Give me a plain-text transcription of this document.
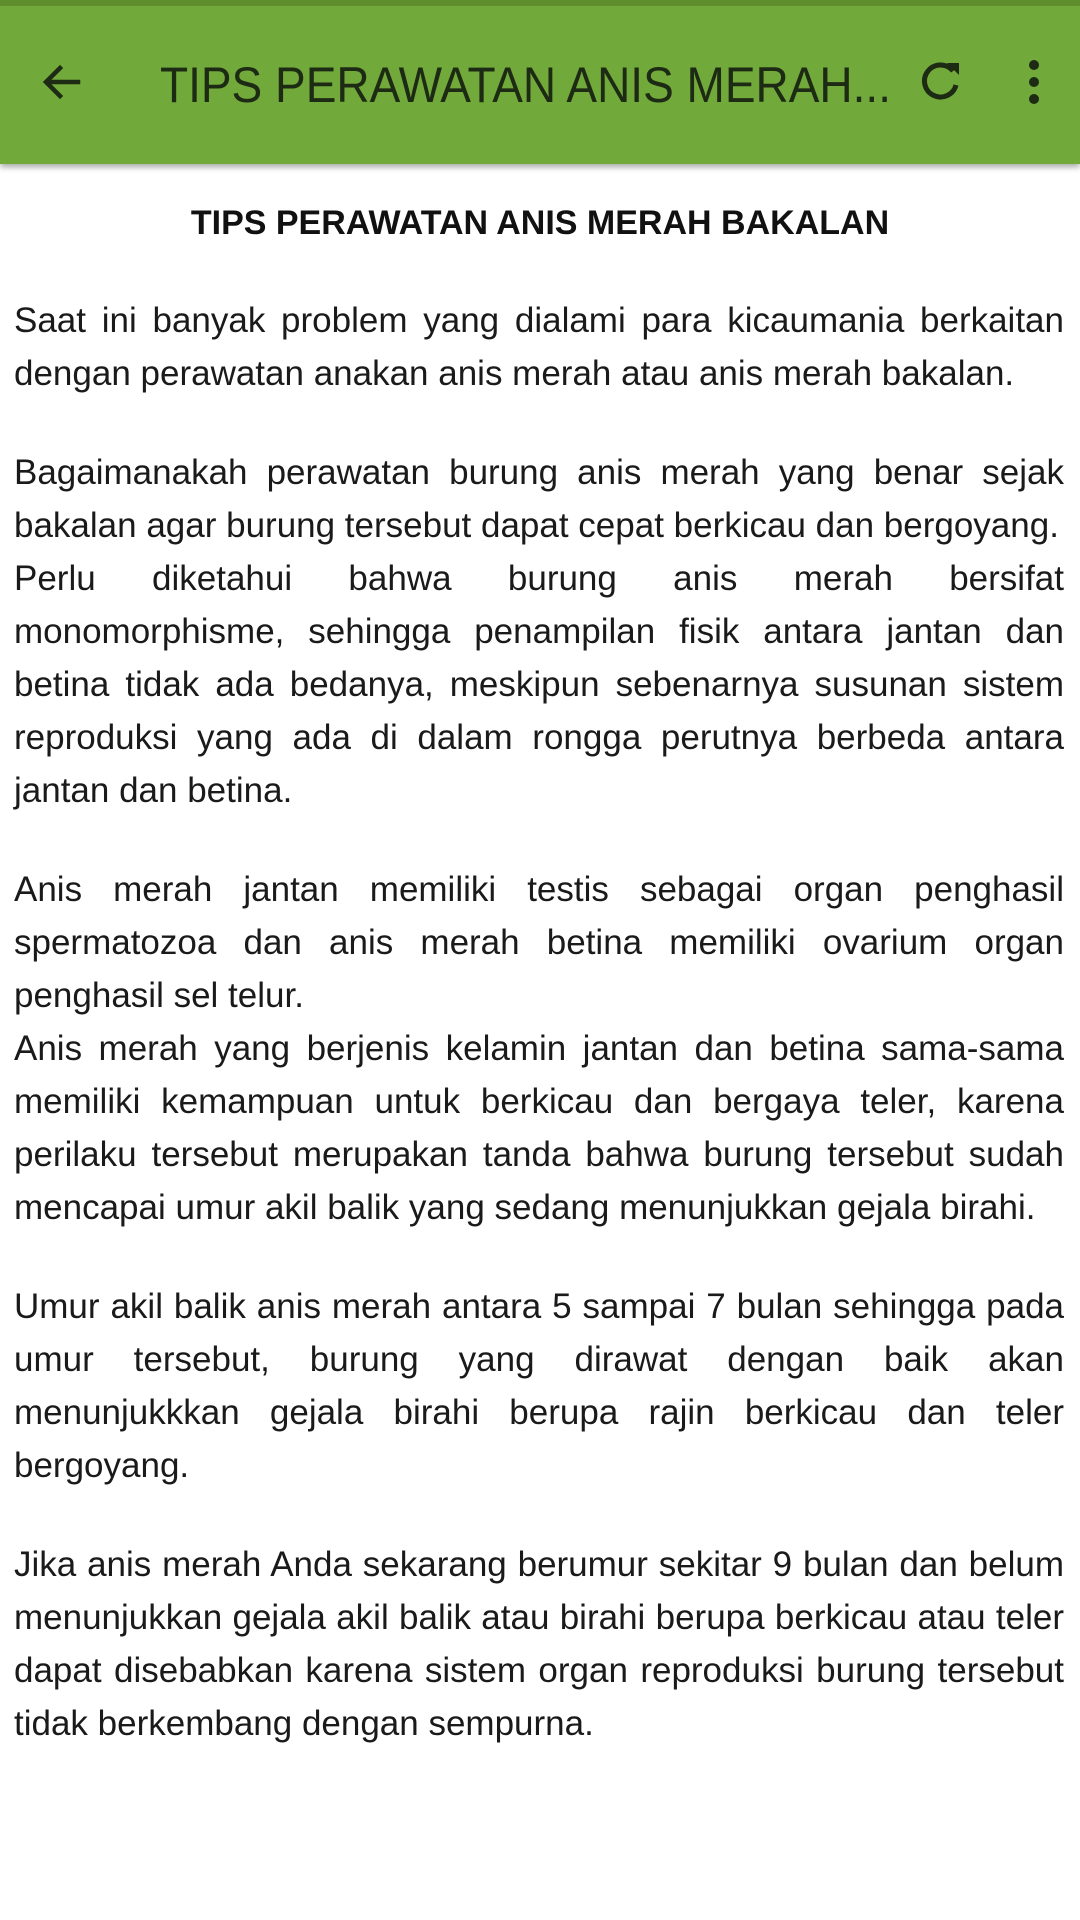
TIPS PERAWATAN ANIS MERAH...
TIPS PERAWATAN ANIS MERAH BAKALAN

Saat ini banyak problem yang dialami para kicaumania berkaitan dengan perawatan anakan anis merah atau anis merah bakalan.

Bagaimanakah perawatan burung anis merah yang benar sejak bakalan agar burung tersebut dapat cepat berkicau dan bergoyang.

Perlu diketahui bahwa burung anis merah bersifat monomorphisme, sehingga penampilan fisik antara jantan dan betina tidak ada bedanya, meskipun sebenarnya susunan sistem reproduksi yang ada di dalam rongga perutnya berbeda antara jantan dan betina.

Anis merah jantan memiliki testis sebagai organ penghasil spermatozoa dan anis merah betina memiliki ovarium organ penghasil sel telur.

Anis merah yang berjenis kelamin jantan dan betina sama-sama memiliki kemampuan untuk berkicau dan bergaya teler, karena perilaku tersebut merupakan tanda bahwa burung tersebut sudah mencapai umur akil balik yang sedang menunjukkan gejala birahi.

Umur akil balik anis merah antara 5 sampai 7 bulan sehingga pada umur tersebut, burung yang dirawat dengan baik akan menunjukkkan gejala birahi berupa rajin berkicau dan teler bergoyang.

Jika anis merah Anda sekarang berumur sekitar 9 bulan dan belum menunjukkan gejala akil balik atau birahi berupa berkicau atau teler dapat disebabkan karena sistem organ reproduksi burung tersebut tidak berkembang dengan sempurna.
